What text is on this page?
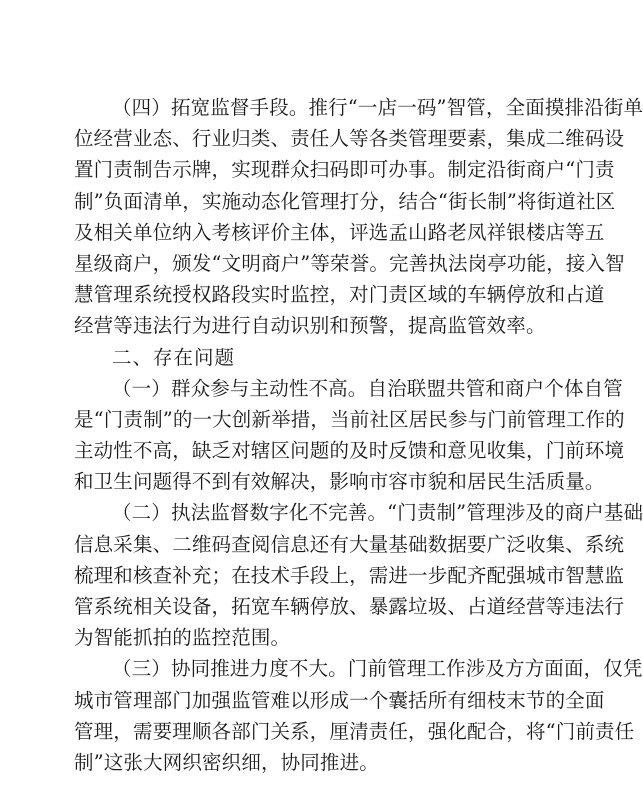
（四）拓宽监督手段。推行“一店一码”智管，全面摸排沿街单
位经营业态、行业归类、责任人等各类管理要素，集成二维码设
置门责制告示牌，实现群众扫码即可办事。制定沿街商户“门责
制”负面清单，实施动态化管理打分，结合“街长制”将街道社区
及相关单位纳入考核评价主体，评选孟山路老凤祥银楼店等五
星级商户，颁发“文明商户”等荣誉。完善执法岗亭功能，接入智
慧管理系统授权路段实时监控，对门责区域的车辆停放和占道
经营等违法行为进行自动识别和预警，提高监管效率。
二、存在问题
（一）群众参与主动性不高。自治联盟共管和商户个体自管
是“门责制”的一大创新举措，当前社区居民参与门前管理工作的
主动性不高，缺乏对辖区问题的及时反馈和意见收集，门前环境
和卫生问题得不到有效解决，影响市容市貌和居民生活质量。
（二）执法监督数字化不完善。“门责制”管理涉及的商户基础
信息采集、二维码查阅信息还有大量基础数据要广泛收集、系统
梳理和核查补充；在技术手段上，需进一步配齐配强城市智慧监
管系统相关设备，拓宽车辆停放、暴露垃圾、占道经营等违法行
为智能抓拍的监控范围。
（三）协同推进力度不大。门前管理工作涉及方方面面，仅凭
城市管理部门加强监管难以形成一个囊括所有细枝末节的全面
管理，需要理顺各部门关系，厘清责任，强化配合，将“门前责任
制”这张大网织密织细，协同推进。
